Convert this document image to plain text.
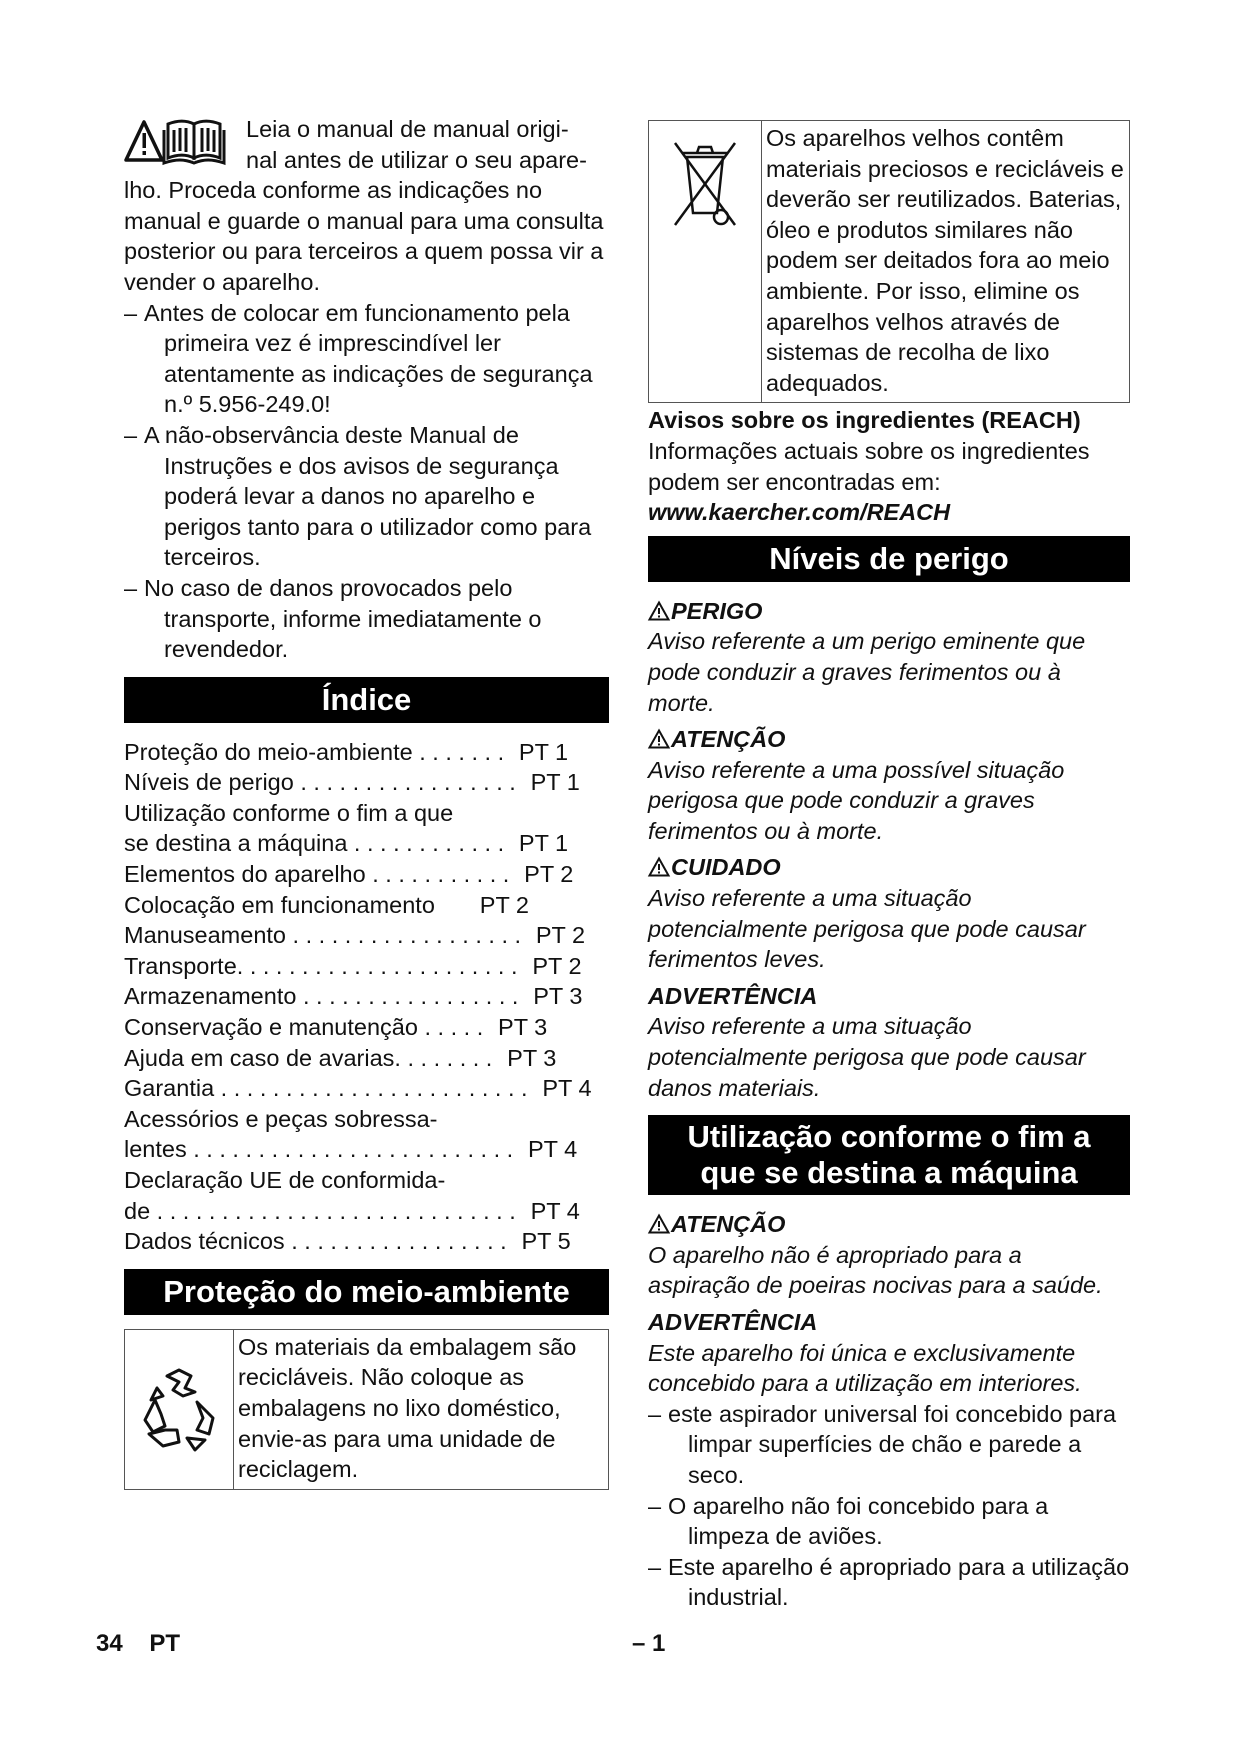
Leia o manual de manual origi-
nal antes de utilizar o seu apare- lho. Proceda conforme as indicações no manual e guarde o manual para uma consulta posterior ou para terceiros a quem possa vir a vender o aparelho.

– Antes de colocar em funcionamento pela primeira vez é imprescindível ler atentamente as indicações de segurança n.º 5.956-249.0!
– A não-observância deste Manual de Instruções e dos avisos de segurança poderá levar a danos no aparelho e perigos tanto para o utilizador como para terceiros.
– No caso de danos provocados pelo transporte, informe imediatamente o revendedor.
Índice
Proteção do meio-ambiente . . . . . . . PT 1
Níveis de perigo . . . . . . . . . . . . . . . . . PT 1
Utilização conforme o fim a que
se destina a máquina . . . . . . . . . . . . PT 1
Elementos do aparelho . . . . . . . . . . . PT 2
Colocação em funcionamento	PT 2
Manuseamento . . . . . . . . . . . . . . . . . . PT 2
Transporte. . . . . . . . . . . . . . . . . . . . . . PT 2
Armazenamento . . . . . . . . . . . . . . . . . PT 3
Conservação e manutenção . . . . . PT 3
Ajuda em caso de avarias. . . . . . . . PT 3
Garantia . . . . . . . . . . . . . . . . . . . . . . . . PT 4
Acessórios e peças sobressa-
lentes . . . . . . . . . . . . . . . . . . . . . . . . . PT 4
Declaração UE de conformida-
de . . . . . . . . . . . . . . . . . . . . . . . . . . . . PT 4
Dados técnicos . . . . . . . . . . . . . . . . . PT 5
Proteção do meio-ambiente
Os materiais da embalagem são recicláveis. Não coloque as embalagens no lixo doméstico, envie-as para uma unidade de reciclagem.
Os aparelhos velhos contêm materiais preciosos e recicláveis e deverão ser reutilizados. Baterias, óleo e produtos similares não podem ser deitados fora ao meio ambiente. Por isso, elimine os aparelhos velhos através de sistemas de recolha de lixo adequados.

Avisos sobre os ingredientes (REACH)

Informações actuais sobre os ingredientes podem ser encontradas em:

www.kaercher.com/REACH

Níveis de perigo

PERIGO

Aviso referente a um perigo eminente que pode conduzir a graves ferimentos ou à morte.

ATENÇÃO

Aviso referente a uma possível situação perigosa que pode conduzir a graves ferimentos ou à morte.

CUIDADO

Aviso referente a uma situação potencialmente perigosa que pode causar ferimentos leves.

ADVERTÊNCIA

Aviso referente a uma situação potencialmente perigosa que pode causar danos materiais.

Utilização conforme o fim a
que se destina a máquina

ATENÇÃO

O aparelho não é apropriado para a aspiração de poeiras nocivas para a saúde.

ADVERTÊNCIA

Este aparelho foi única e exclusivamente concebido para a utilização em interiores.

– este aspirador universal foi concebido para limpar superfícies de chão e parede a seco.
– O aparelho não foi concebido para a limpeza de aviões.
– Este aparelho é apropriado para a utilização industrial.
34 PT	– 1
